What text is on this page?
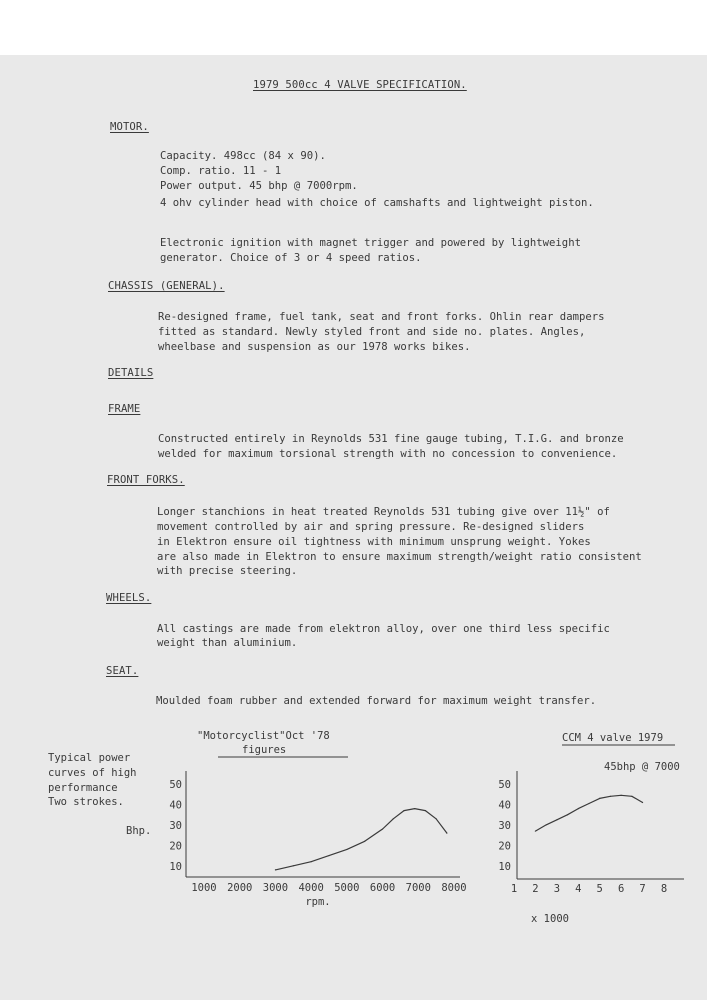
1979 500cc 4 VALVE SPECIFICATION.
MOTOR.
Capacity. 498cc (84 x 90).
Comp. ratio. 11 - 1
Power output. 45 bhp @ 7000rpm.
4 ohv cylinder head with choice of camshafts and lightweight piston.
Electronic ignition with magnet trigger and powered by lightweight
generator. Choice of 3 or 4 speed ratios.
CHASSIS (GENERAL).
Re-designed frame, fuel tank, seat and front forks. Ohlin rear dampers
fitted as standard. Newly styled front and side no. plates. Angles,
wheelbase and suspension as our 1978 works bikes.
DETAILS
FRAME
Constructed entirely in Reynolds 531 fine gauge tubing, T.I.G. and bronze
welded for maximum torsional strength with no concession to convenience.
FRONT FORKS.
Longer stanchions in heat treated Reynolds 531 tubing give over 11½" of
movement controlled by air and spring pressure. Re-designed sliders
in Elektron ensure oil tightness with minimum unsprung weight. Yokes
are also made in Elektron to ensure maximum strength/weight ratio consistent
with precise steering.
WHEELS.
All castings are made from elektron alloy, over one third less specific
weight than aluminium.
SEAT.
Moulded foam rubber and extended forward for maximum weight transfer.
Typical power
curves of high
performance
Two strokes.
Bhp.
"Motorcyclist"Oct '78
figures
rpm.
10
20
30
40
50
1000 2000 3000 4000 5000 6000 7000 8000
CCM 4 valve 1979
45bhp @ 7000
x 1000
10
20
30
40
50
1 2 3 4 5 6 7 8
